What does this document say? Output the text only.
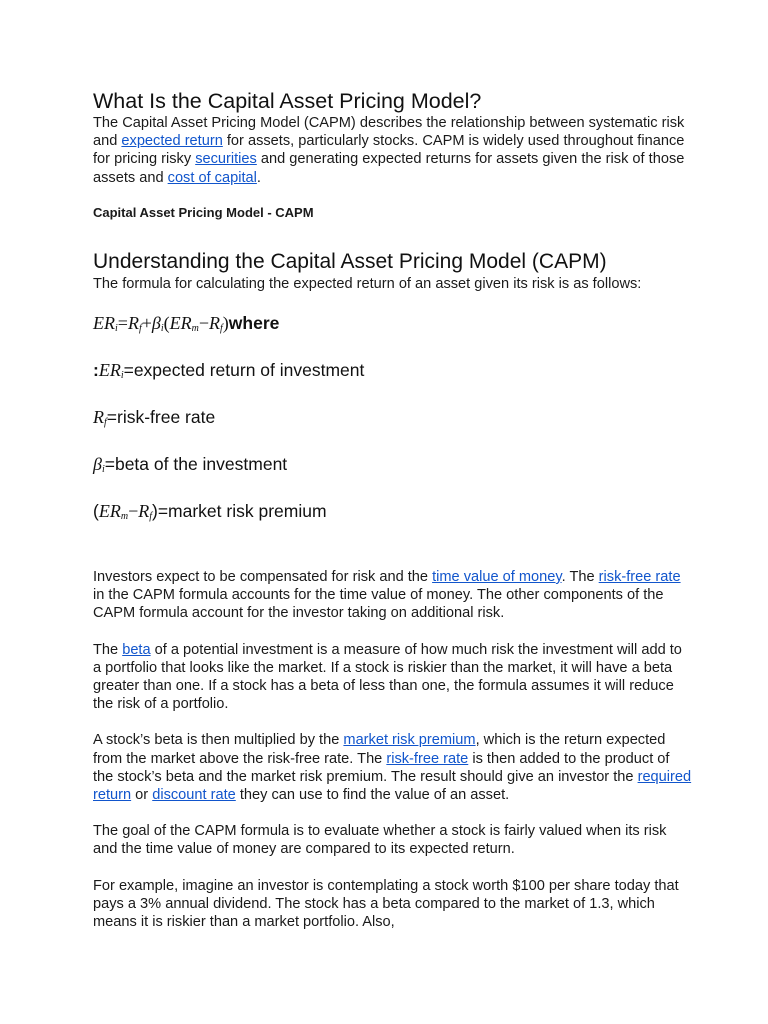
What Is the Capital Asset Pricing Model?

The Capital Asset Pricing Model (CAPM) describes the relationship between systematic risk and expected return for assets, particularly stocks. CAPM is widely used throughout finance for pricing risky securities and generating expected returns for assets given the risk of those assets and cost of capital.

Capital Asset Pricing Model - CAPM

Understanding the Capital Asset Pricing Model (CAPM)

The formula for calculating the expected return of an asset given its risk is as follows:

$ER_i=R_f+\beta_i(ER_m-R_f)where$
$:ER_i=expected$ return of investment
$R_f=risk$-free rate
$\beta_i=beta$ of the investment
$(ER_m-R_f)=market$ risk premium

Investors expect to be compensated for risk and the time value of money. The risk-free rate in the CAPM formula accounts for the time value of money. The other components of the CAPM formula account for the investor taking on additional risk.

The beta of a potential investment is a measure of how much risk the investment will add to a portfolio that looks like the market. If a stock is riskier than the market, it will have a beta greater than one. If a stock has a beta of less than one, the formula assumes it will reduce the risk of a portfolio.

A stock’s beta is then multiplied by the market risk premium, which is the return expected from the market above the risk-free rate. The risk-free rate is then added to the product of the stock’s beta and the market risk premium. The result should give an investor the required return or discount rate they can use to find the value of an asset.

The goal of the CAPM formula is to evaluate whether a stock is fairly valued when its risk and the time value of money are compared to its expected return.

For example, imagine an investor is contemplating a stock worth $100 per share today that pays a 3% annual dividend. The stock has a beta compared to the market of 1.3, which means it is riskier than a market portfolio. Also,
